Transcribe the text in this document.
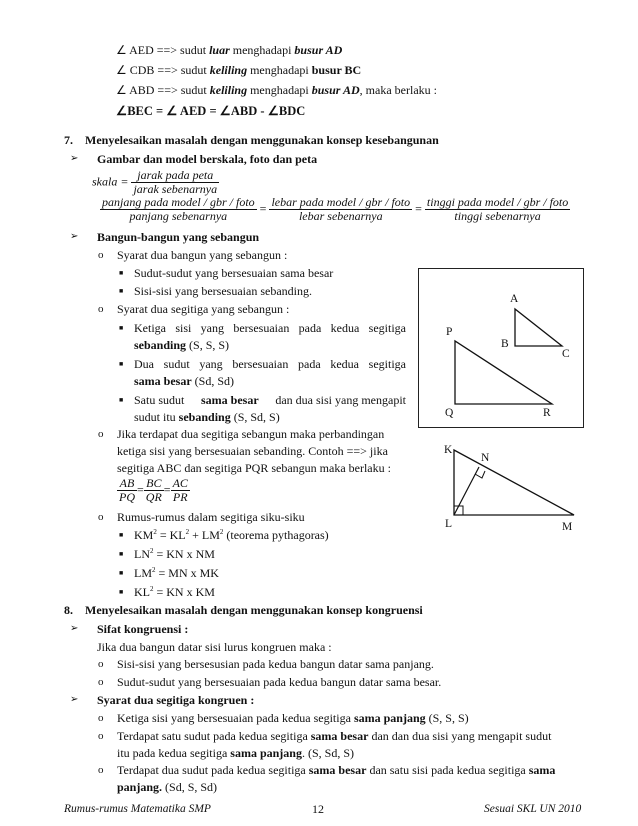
∠ AED ==> sudut luar menghadapi busur AD
∠ CDB ==> sudut keliling menghadapi busur BC
∠ ABD ==> sudut keliling menghadapi busur AD, maka berlaku :
∠BEC = ∠ AED = ∠ABD - ∠BDC
7. Menyelesaikan masalah dengan menggunakan konsep kesebangunan
➢ Gambar dan model berskala, foto dan peta
skala = $\frac{\text{jarak pada peta}}{\text{jarak sebenarnya}}$
$\frac{\text{panjang pada model / gbr / foto}}{\text{panjang sebenarnya}} = \frac{\text{lebar pada model / gbr / foto}}{\text{lebar sebenarnya}} = \frac{\text{tinggi pada model / gbr / foto}}{\text{tinggi sebenarnya}}$
➢ Bangun-bangun yang sebangun
o Syarat dua bangun yang sebangun :
■ Sudut-sudut yang bersesuaian sama besar
■ Sisi-sisi yang bersesuaian sebanding.
o Syarat dua segitiga yang sebangun :
■ Ketiga sisi yang bersesuaian pada kedua segitiga
sebanding (S, S, S)
■ Dua sudut yang bersesuaian pada kedua segitiga
sama besar (Sd, Sd)
■ Satu sudut sama besar dan dua sisi yang mengapit
sudut itu sebanding (S, Sd, S)
o Jika terdapat dua segitiga sebangun maka perbandingan
ketiga sisi yang bersesuaian sebanding. Contoh ==> jika
segitiga ABC dan segitiga PQR sebangun maka berlaku :
$\frac{AB}{PQ} = \frac{BC}{QR} = \frac{AC}{PR}$
o Rumus-rumus dalam segitiga siku-siku
■ $KM^2 = KL^2 + LM^2$ (teorema pythagoras)
■ $LN^2$ = KN x NM
■ $LM^2$ = MN x MK
■ $KL^2$ = KN x KM
A
B
C
P
Q	R
K
N
L	M
8. Menyelesaikan masalah dengan menggunakan konsep kongruensi
➢ Sifat kongruensi :
Jika dua bangun datar sisi lurus kongruen maka :
o Sisi-sisi yang bersesusian pada kedua bangun datar sama panjang.
o Sudut-sudut yang bersesuaian pada kedua bangun datar sama besar.
➢ Syarat dua segitiga kongruen :
o Ketiga sisi yang bersesuaian pada kedua segitiga sama panjang (S, S, S)
o Terdapat satu sudut pada kedua segitiga sama besar dan dan dua sisi yang mengapit sudut
itu pada kedua segitiga sama panjang. (S, Sd, S)
o Terdapat dua sudut pada kedua segitiga sama besar dan satu sisi pada kedua segitiga sama
panjang. (Sd, S, Sd)
Rumus-rumus Matematika SMP	12	Sesuai SKL UN 2010
